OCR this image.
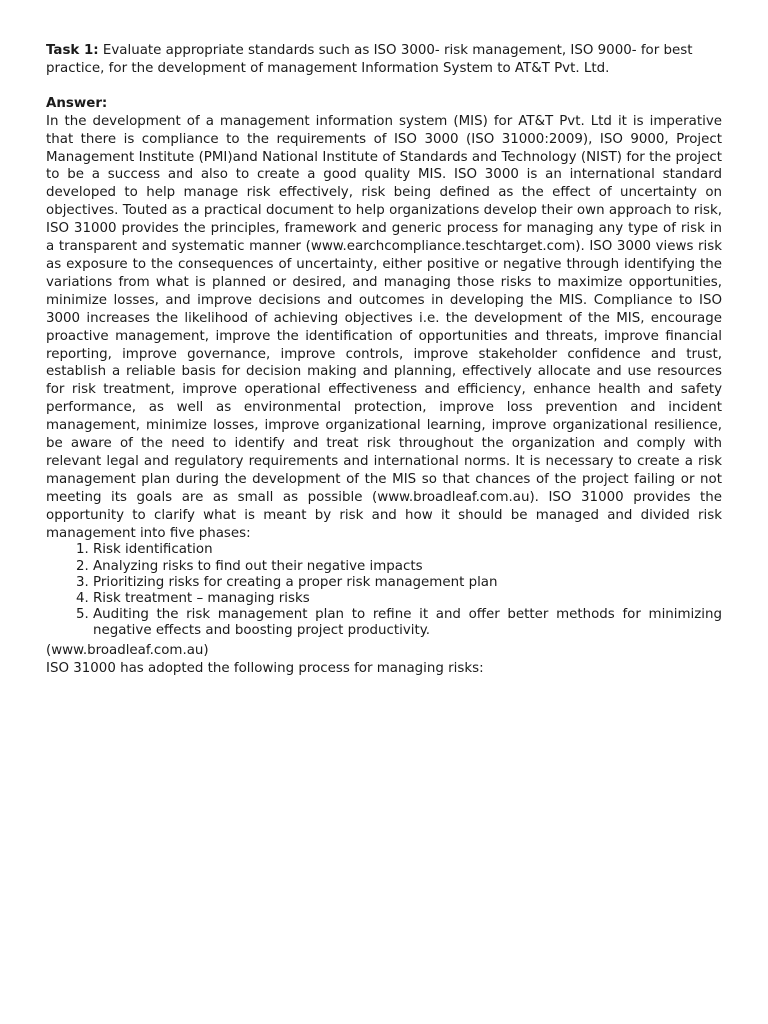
Task 1: Evaluate appropriate standards such as ISO 3000- risk management, ISO 9000- for best practice, for the development of management Information System to AT&T Pvt. Ltd.

Answer:

In the development of a management information system (MIS) for AT&T Pvt. Ltd it is imperative that there is compliance to the requirements of ISO 3000 (ISO 31000:2009), ISO 9000, Project Management Institute (PMI)and National Institute of Standards and Technology (NIST) for the project to be a success and also to create a good quality MIS. ISO 3000 is an international standard developed to help manage risk effectively, risk being defined as the effect of uncertainty on objectives. Touted as a practical document to help organizations develop their own approach to risk, ISO 31000 provides the principles, framework and generic process for managing any type of risk in a transparent and systematic manner (www.earchcompliance.teschtarget.com). ISO 3000 views risk as exposure to the consequences of uncertainty, either positive or negative through identifying the variations from what is planned or desired, and managing those risks to maximize opportunities, minimize losses, and improve decisions and outcomes in developing the MIS. Compliance to ISO 3000 increases the likelihood of achieving objectives i.e. the development of the MIS, encourage proactive management, improve the identification of opportunities and threats, improve financial reporting, improve governance, improve controls, improve stakeholder confidence and trust, establish a reliable basis for decision making and planning, effectively allocate and use resources for risk treatment, improve operational effectiveness and efficiency, enhance health and safety performance, as well as environmental protection, improve loss prevention and incident management, minimize losses, improve organizational learning, improve organizational resilience, be aware of the need to identify and treat risk throughout the organization and comply with relevant legal and regulatory requirements and international norms. It is necessary to create a risk management plan during the development of the MIS so that chances of the project failing or not meeting its goals are as small as possible (www.broadleaf.com.au). ISO 31000 provides the opportunity to clarify what is meant by risk and how it should be managed and divided risk management into five phases:

1. Risk identification
2. Analyzing risks to find out their negative impacts
3. Prioritizing risks for creating a proper risk management plan
4. Risk treatment – managing risks
5. Auditing the risk management plan to refine it and offer better methods for minimizing negative effects and boosting project productivity.

(www.broadleaf.com.au)

ISO 31000 has adopted the following process for managing risks:
